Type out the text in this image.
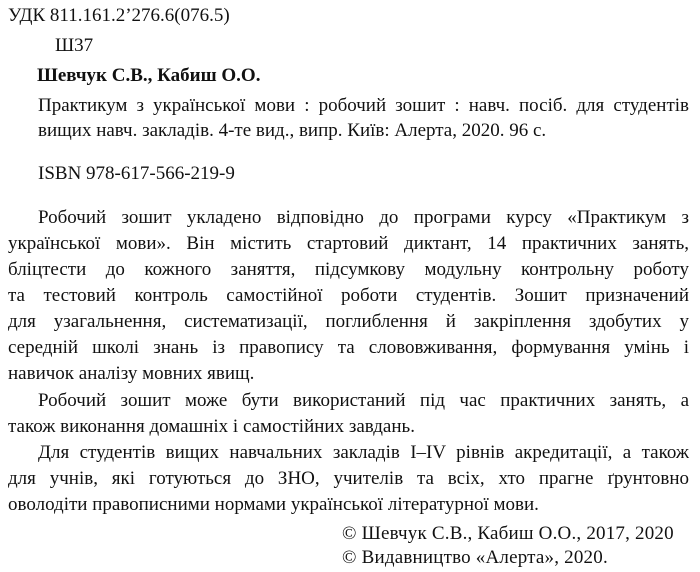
УДК 811.161.2’276.6(076.5)
Ш37
Шевчук С.В., Кабиш О.О.
Практикум з української мови : робочий зошит : навч. посіб. для студентів
вищих навч. закладів. 4-те вид., випр. Київ: Алерта, 2020. 96 с.
ISBN 978-617-566-219-9
Робочий зошит укладено відповідно до програми курсу «Практикум з
української мови». Він містить стартовий диктант, 14 практичних занять,
бліцтести до кожного заняття, підсумкову модульну контрольну роботу
та тестовий контроль самостійної роботи студентів. Зошит призначений
для узагальнення, систематизації, поглиблення й закріплення здобутих у
середній школі знань із правопису та слововживання, формування умінь і
навичок аналізу мовних явищ.
Робочий зошит може бути використаний під час практичних занять, а
також виконання домашніх і самостійних завдань.
Для студентів вищих навчальних закладів I–IV рівнів акредитації, а також
для учнів, які готуються до ЗНО, учителів та всіх, хто прагне ґрунтовно
оволодіти правописними нормами української літературної мови.
© Шевчук С.В., Кабиш О.О., 2017, 2020
© Видавництво «Алерта», 2020.
